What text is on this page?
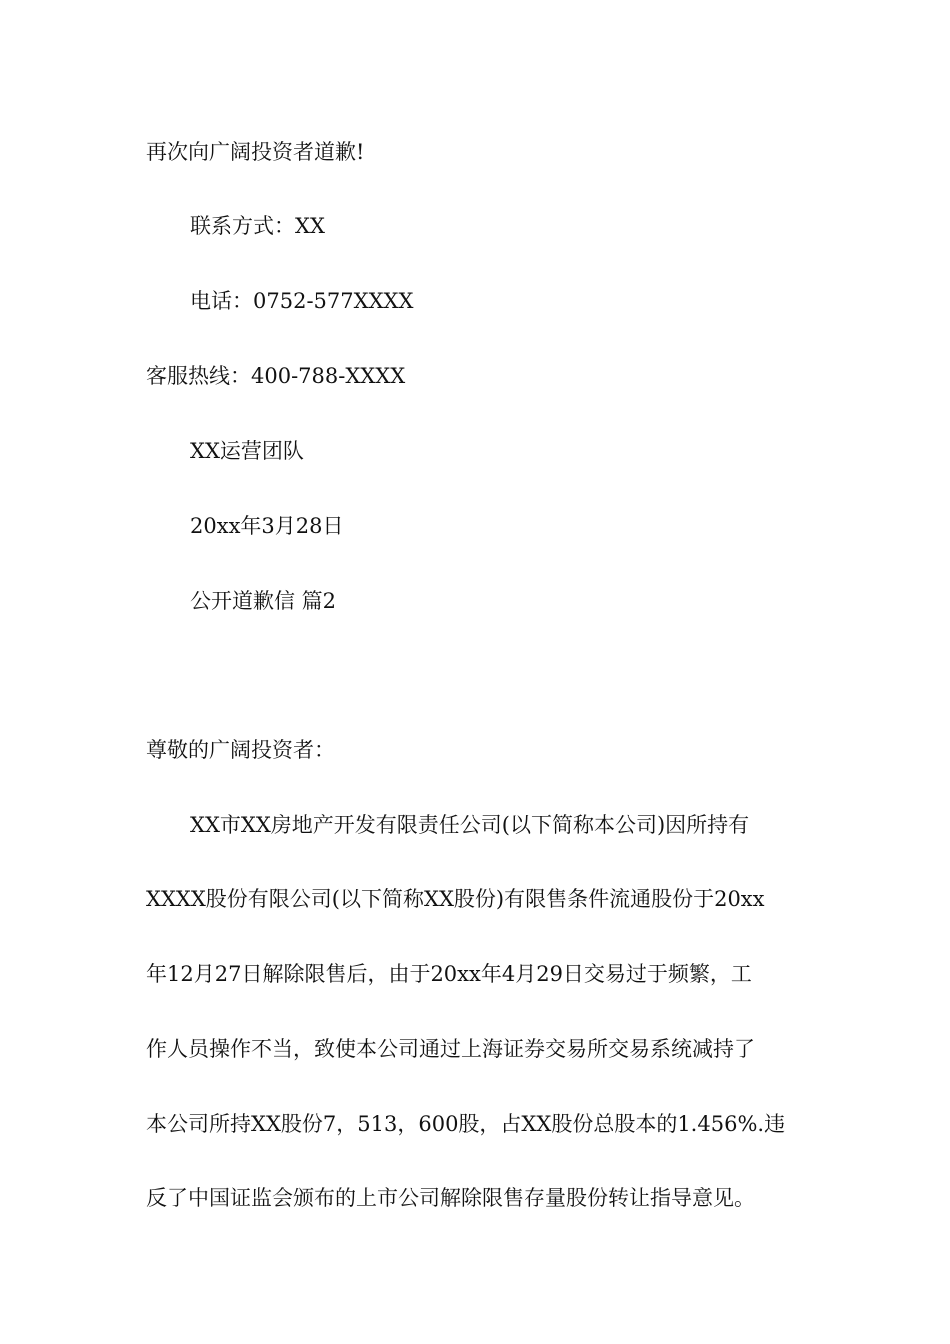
再次向广阔投资者道歉!

联系方式：XX

电话：0752-577XXXX

客服热线：400-788-XXXX

XX运营团队

20xx年3月28日

公开道歉信 篇2

尊敬的广阔投资者：

XX市XX房地产开发有限责任公司(以下简称本公司)因所持有
XXXX股份有限公司(以下简称XX股份)有限售条件流通股份于20xx
年12月27日解除限售后，由于20xx年4月29日交易过于频繁，工
作人员操作不当，致使本公司通过上海证券交易所交易系统减持了
本公司所持XX股份7，513，600股，占XX股份总股本的1.456%.违
反了中国证监会颁布的上市公司解除限售存量股份转让指导意见。
